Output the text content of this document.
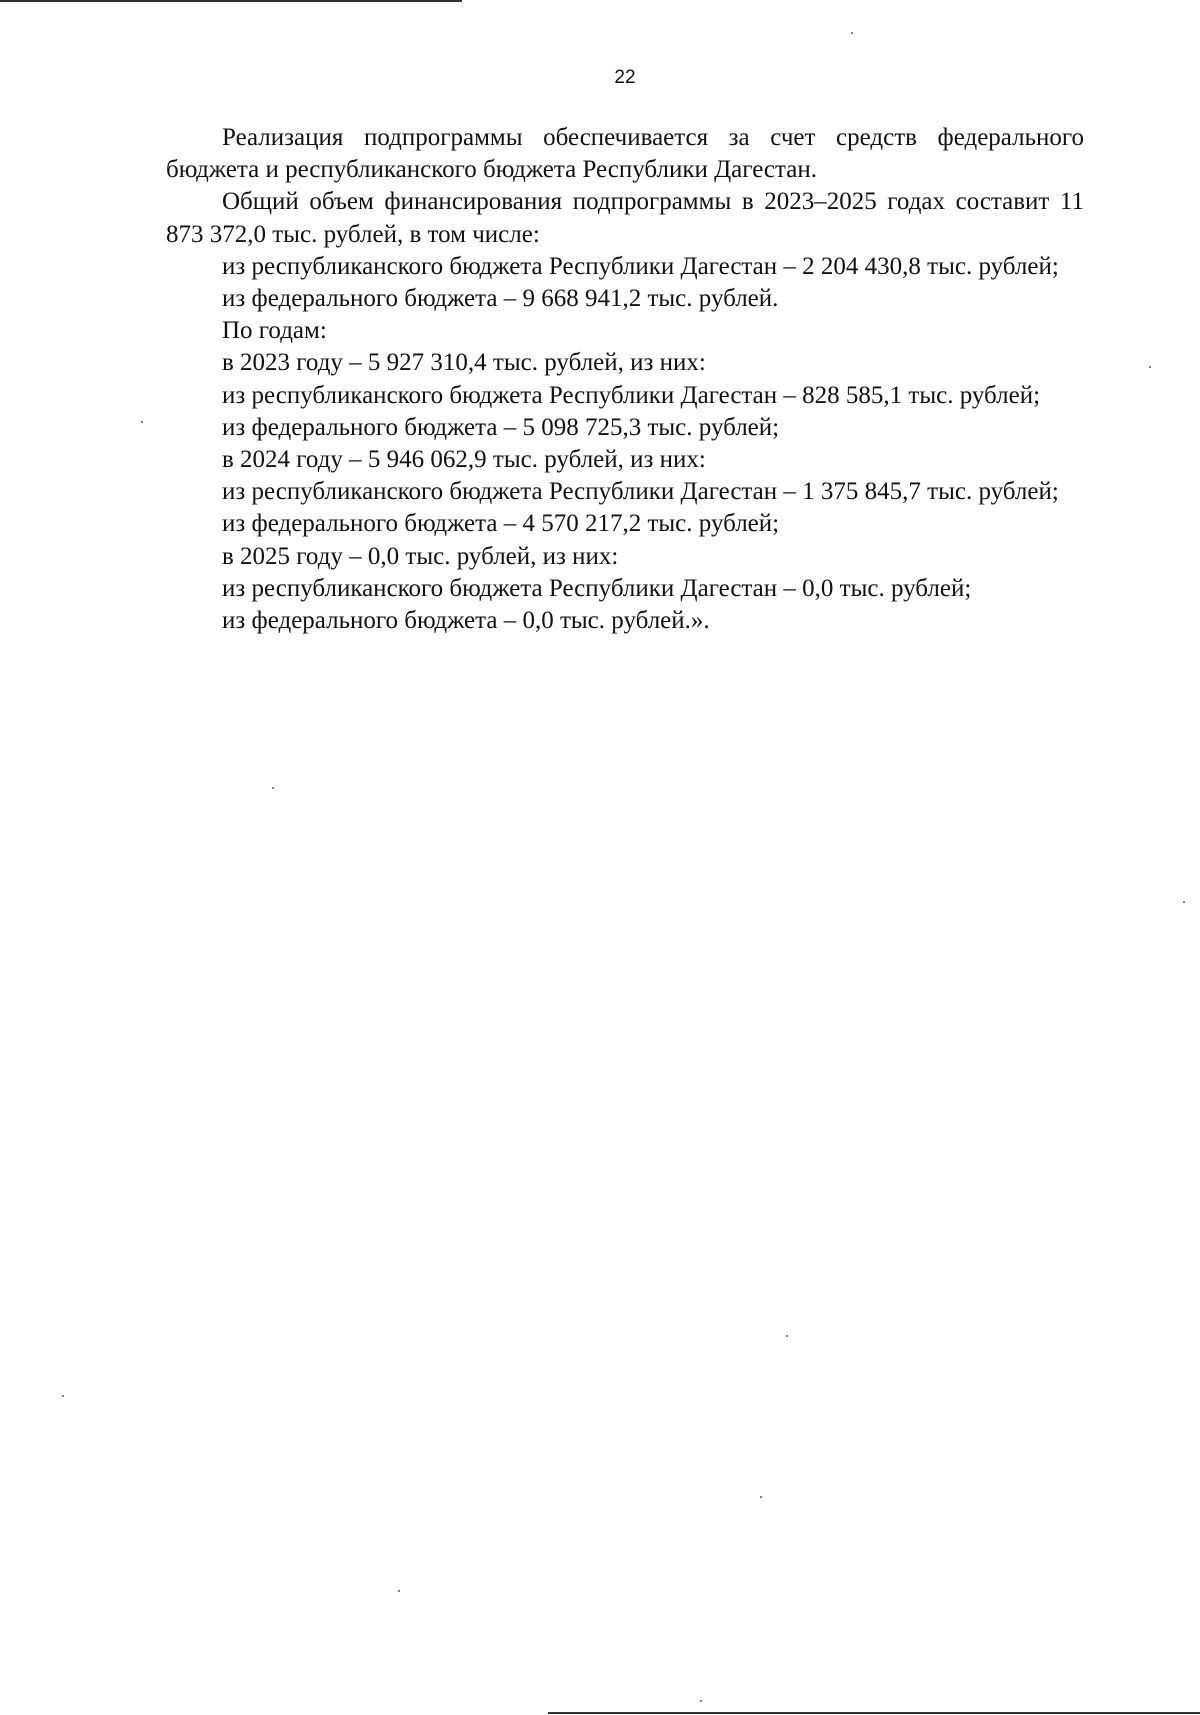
22

Реализация подпрограммы обеспечивается за счет средств федерального бюджета и республиканского бюджета Республики Дагестан.

Общий объем финансирования подпрограммы в 2023–2025 годах составит 11 873 372,0 тыс. рублей, в том числе:

из республиканского бюджета Республики Дагестан – 2 204 430,8 тыс. рублей;

из федерального бюджета – 9 668 941,2 тыс. рублей.

По годам:

в 2023 году – 5 927 310,4 тыс. рублей, из них:

из республиканского бюджета Республики Дагестан – 828 585,1 тыс. рублей;

из федерального бюджета – 5 098 725,3 тыс. рублей;

в 2024 году – 5 946 062,9 тыс. рублей, из них:

из республиканского бюджета Республики Дагестан – 1 375 845,7 тыс. рублей;

из федерального бюджета – 4 570 217,2 тыс. рублей;

в 2025 году – 0,0 тыс. рублей, из них:

из республиканского бюджета Республики Дагестан – 0,0 тыс. рублей;

из федерального бюджета – 0,0 тыс. рублей.».
